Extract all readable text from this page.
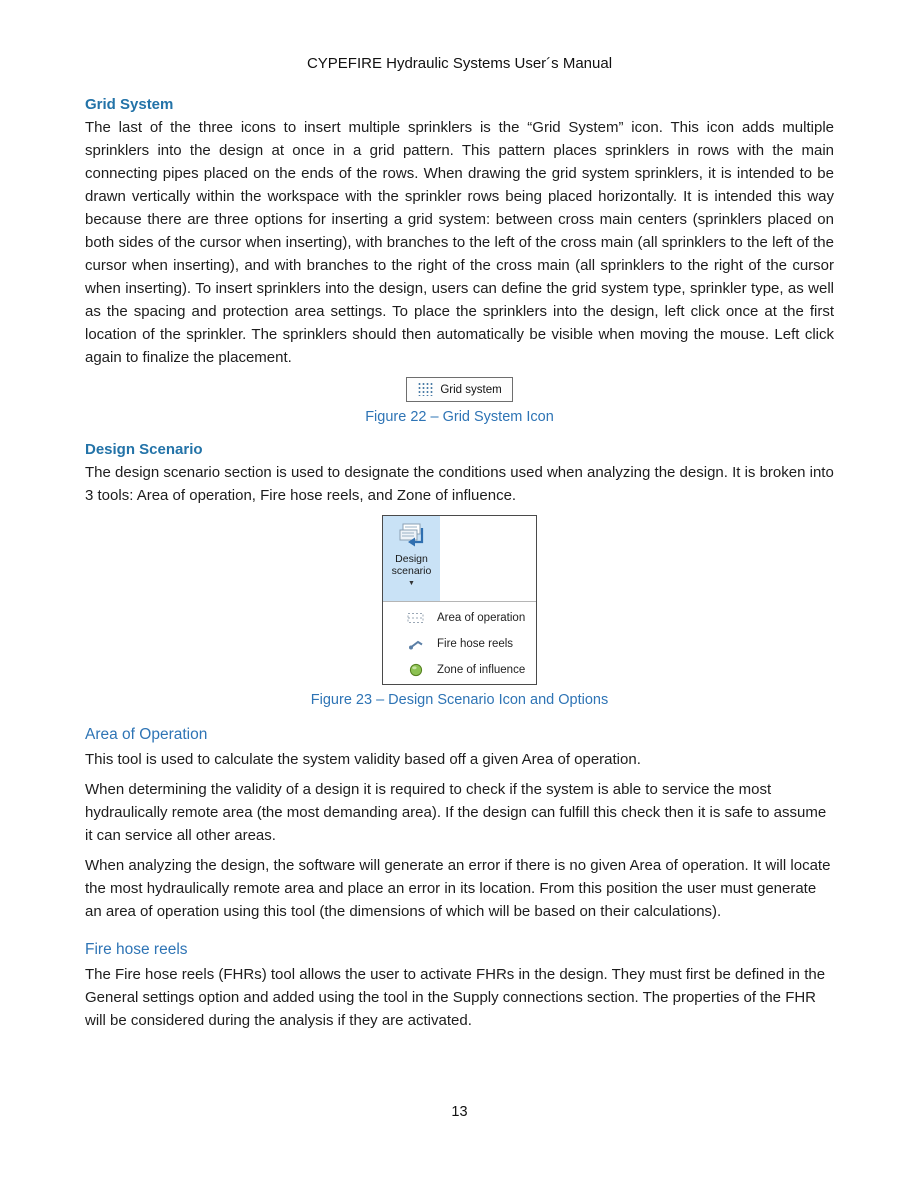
CYPEFIRE Hydraulic Systems User´s Manual
Grid System

The last of the three icons to insert multiple sprinklers is the “Grid System” icon. This icon adds multiple sprinklers into the design at once in a grid pattern. This pattern places sprinklers in rows with the main connecting pipes placed on the ends of the rows. When drawing the grid system sprinklers, it is intended to be drawn vertically within the workspace with the sprinkler rows being placed horizontally. It is intended this way because there are three options for inserting a grid system: between cross main centers (sprinklers placed on both sides of the cursor when inserting), with branches to the left of the cross main (all sprinklers to the left of the cursor when inserting), and with branches to the right of the cross main (all sprinklers to the right of the cursor when inserting). To insert sprinklers into the design, users can define the grid system type, sprinkler type, as well as the spacing and protection area settings. To place the sprinklers into the design, left click once at the first location of the sprinkler. The sprinklers should then automatically be visible when moving the mouse. Left click again to finalize the placement.

Grid system
Figure 22 – Grid System Icon
Design Scenario

The design scenario section is used to designate the conditions used when analyzing the design. It is broken into 3 tools: Area of operation, Fire hose reels, and Zone of influence.

Design scenario
▼
Area of operation
Fire hose reels
Zone of influence
Figure 23 – Design Scenario Icon and Options
Area of Operation

This tool is used to calculate the system validity based off a given Area of operation.

When determining the validity of a design it is required to check if the system is able to service the most hydraulically remote area (the most demanding area). If the design can fulfill this check then it is safe to assume it can service all other areas.

When analyzing the design, the software will generate an error if there is no given Area of operation. It will locate the most hydraulically remote area and place an error in its location. From this position the user must generate an area of operation using this tool (the dimensions of which will be based on their calculations).

Fire hose reels

The Fire hose reels (FHRs) tool allows the user to activate FHRs in the design. They must first be defined in the General settings option and added using the tool in the Supply connections section. The properties of the FHR will be considered during the analysis if they are activated.

13
